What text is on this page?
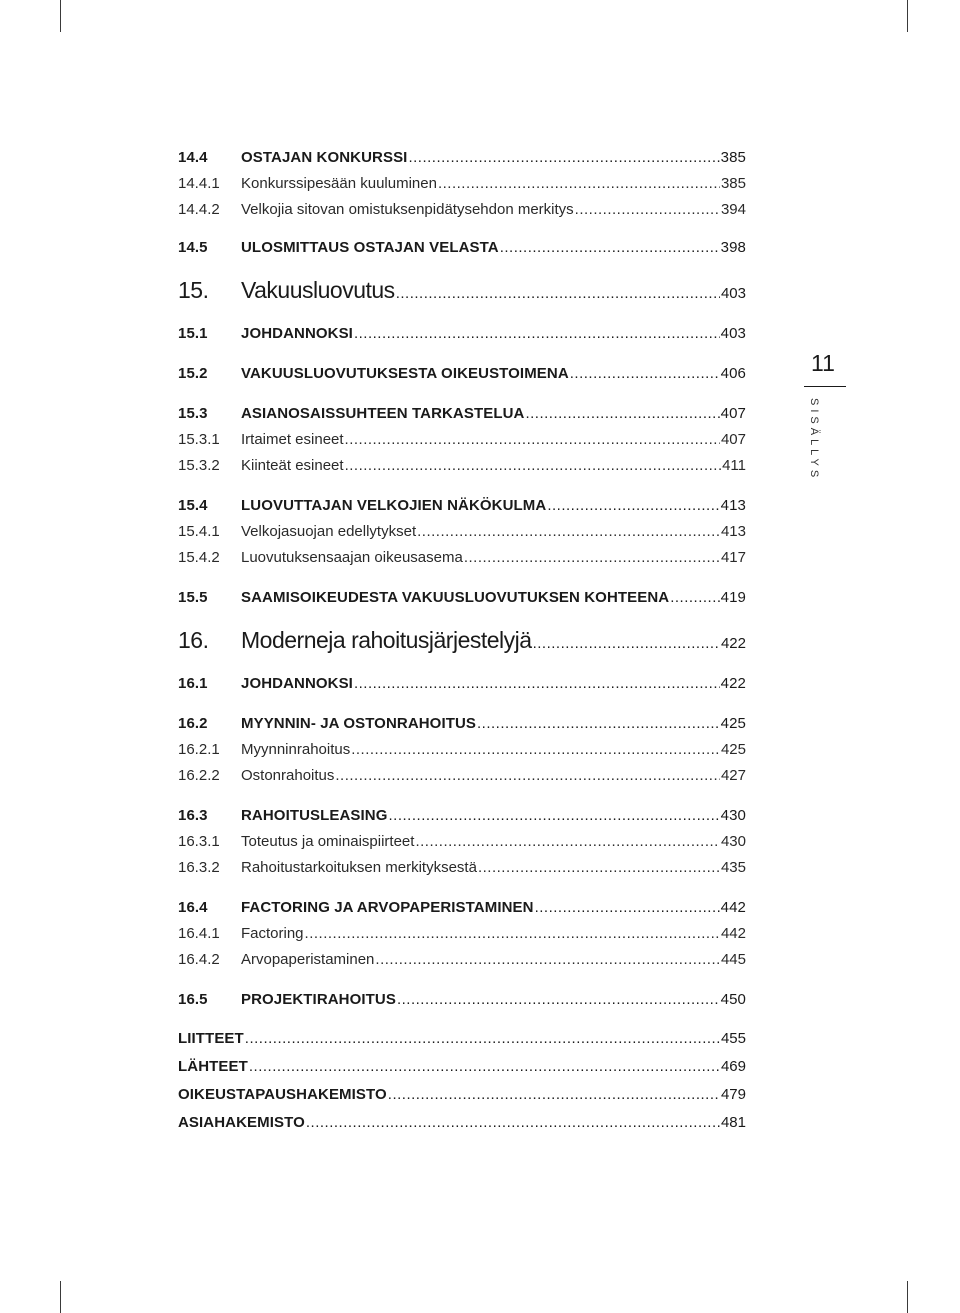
11
SISÄLLYS
14.4	OSTAJAN KONKURSSI .....	385
14.4.1	Konkurssipesään kuuluminen .....	385
14.4.2	Velkojia sitovan omistuksenpidätysehdon merkitys .....	394
14.5	ULOSMITTAUS OSTAJAN VELASTA .....	398
15.	Vakuusluovutus .....	403
15.1	JOHDANNOKSI .....	403
15.2	VAKUUSLUOVUTUKSESTA OIKEUSTOIMENA .....	406
15.3	ASIANOSAISSUHTEEN TARKASTELUA .....	407
15.3.1	Irtaimet esineet .....	407
15.3.2	Kiinteät esineet .....	411
15.4	LUOVUTTAJAN VELKOJIEN NÄKÖKULMA .....	413
15.4.1	Velkojasuojan edellytykset .....	413
15.4.2	Luovutuksensaajan oikeusasema .....	417
15.5	SAAMISOIKEUDESTA VAKUUSLUOVUTUKSEN KOHTEENA .....	419
16.	Moderneja rahoitusjärjestelyjä .....	422
16.1	JOHDANNOKSI .....	422
16.2	MYYNNIN- JA OSTONRAHOITUS .....	425
16.2.1	Myynninrahoitus .....	425
16.2.2	Ostonrahoitus .....	427
16.3	RAHOITUSLEASING .....	430
16.3.1	Toteutus ja ominaispiirteet .....	430
16.3.2	Rahoitustarkoituksen merkityksestä .....	435
16.4	FACTORING JA ARVOPAPERISTAMINEN .....	442
16.4.1	Factoring .....	442
16.4.2	Arvopaperistaminen .....	445
16.5	PROJEKTIRAHOITUS .....	450
LIITTEET .....	455
LÄHTEET .....	469
OIKEUSTAPAUSHAKEMISTO .....	479
ASIAHAKEMISTO .....	481
